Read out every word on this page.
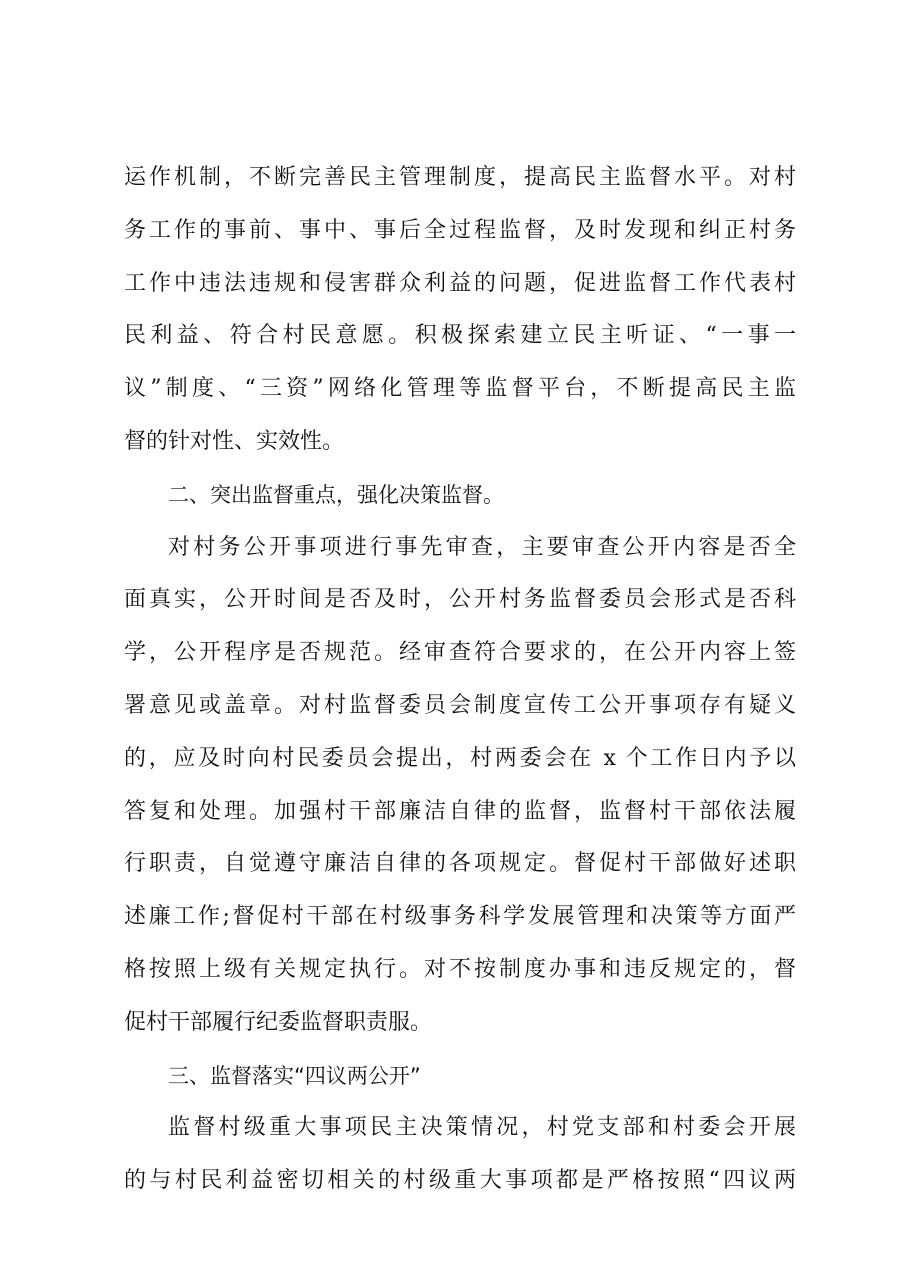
运作机制，不断完善民主管理制度，提高民主监督水平。对村
务工作的事前、事中、事后全过程监督，及时发现和纠正村务
工作中违法违规和侵害群众利益的问题，促进监督工作代表村
民利益、符合村民意愿。积极探索建立民主听证、“一事一
议”制度、“三资”网络化管理等监督平台，不断提高民主监
督的针对性、实效性。
二、突出监督重点，强化决策监督。
对村务公开事项进行事先审查，主要审查公开内容是否全
面真实，公开时间是否及时，公开村务监督委员会形式是否科
学，公开程序是否规范。经审查符合要求的，在公开内容上签
署意见或盖章。对村监督委员会制度宣传工公开事项存有疑义
的，应及时向村民委员会提出，村两委会在 x 个工作日内予以
答复和处理。加强村干部廉洁自律的监督，监督村干部依法履
行职责，自觉遵守廉洁自律的各项规定。督促村干部做好述职
述廉工作;督促村干部在村级事务科学发展管理和决策等方面严
格按照上级有关规定执行。对不按制度办事和违反规定的，督
促村干部履行纪委监督职责服。
三、监督落实“四议两公开”
监督村级重大事项民主决策情况，村党支部和村委会开展
的与村民利益密切相关的村级重大事项都是严格按照“四议两
